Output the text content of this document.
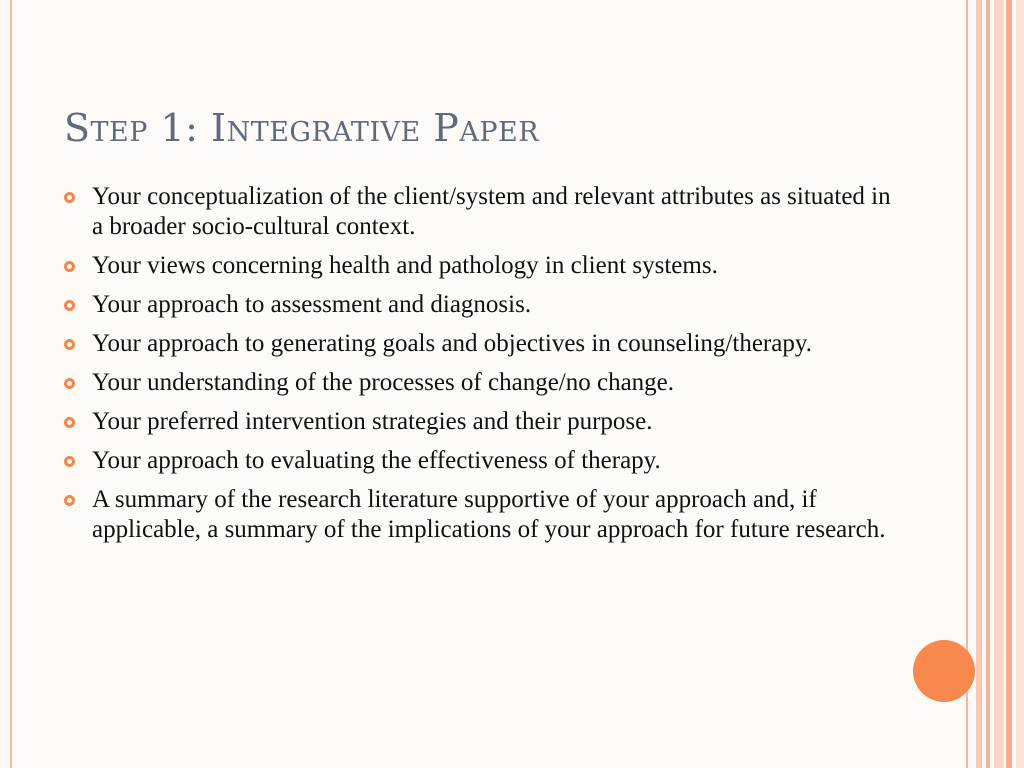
Step 1: Integrative Paper
Your conceptualization of the client/system and relevant attributes as situated in a broader socio-cultural context.
Your views concerning health and pathology in client systems.
Your approach to assessment and diagnosis.
Your approach to generating goals and objectives in counseling/therapy.
Your understanding of the processes of change/no change.
Your preferred intervention strategies and their purpose.
Your approach to evaluating the effectiveness of therapy.
A summary of the research literature supportive of your approach and, if applicable, a summary of the implications of your approach for future research.
